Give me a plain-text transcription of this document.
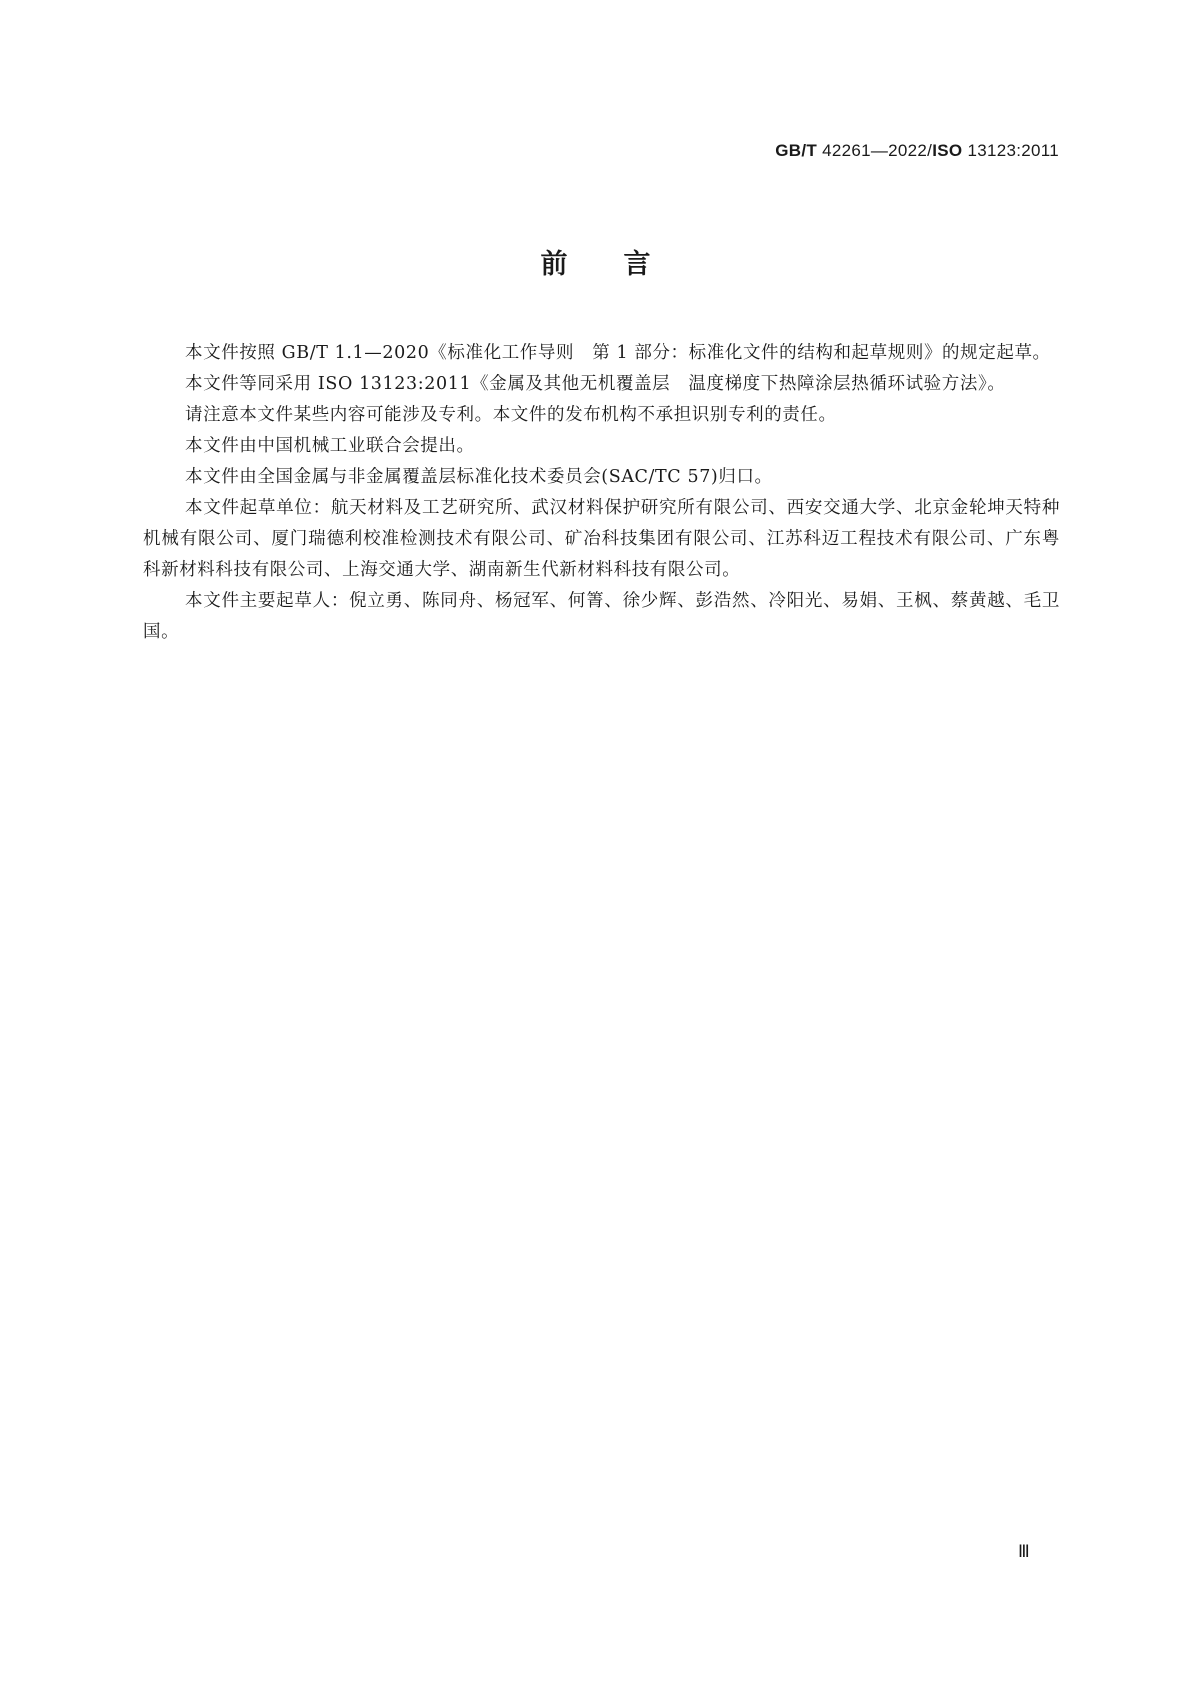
GB/T 42261—2022/ISO 13123:2011
前言

本文件按照 GB/T 1.1—2020《标准化工作导则　第 1 部分：标准化文件的结构和起草规则》的规定起草。

本文件等同采用 ISO 13123:2011《金属及其他无机覆盖层　温度梯度下热障涂层热循环试验方法》。

请注意本文件某些内容可能涉及专利。本文件的发布机构不承担识别专利的责任。

本文件由中国机械工业联合会提出。

本文件由全国金属与非金属覆盖层标准化技术委员会(SAC/TC 57)归口。

本文件起草单位：航天材料及工艺研究所、武汉材料保护研究所有限公司、西安交通大学、北京金轮坤天特种机械有限公司、厦门瑞德利校准检测技术有限公司、矿冶科技集团有限公司、江苏科迈工程技术有限公司、广东粤科新材料科技有限公司、上海交通大学、湖南新生代新材料科技有限公司。

本文件主要起草人：倪立勇、陈同舟、杨冠军、何箐、徐少辉、彭浩然、冷阳光、易娟、王枫、蔡黄越、毛卫国。

Ⅲ
